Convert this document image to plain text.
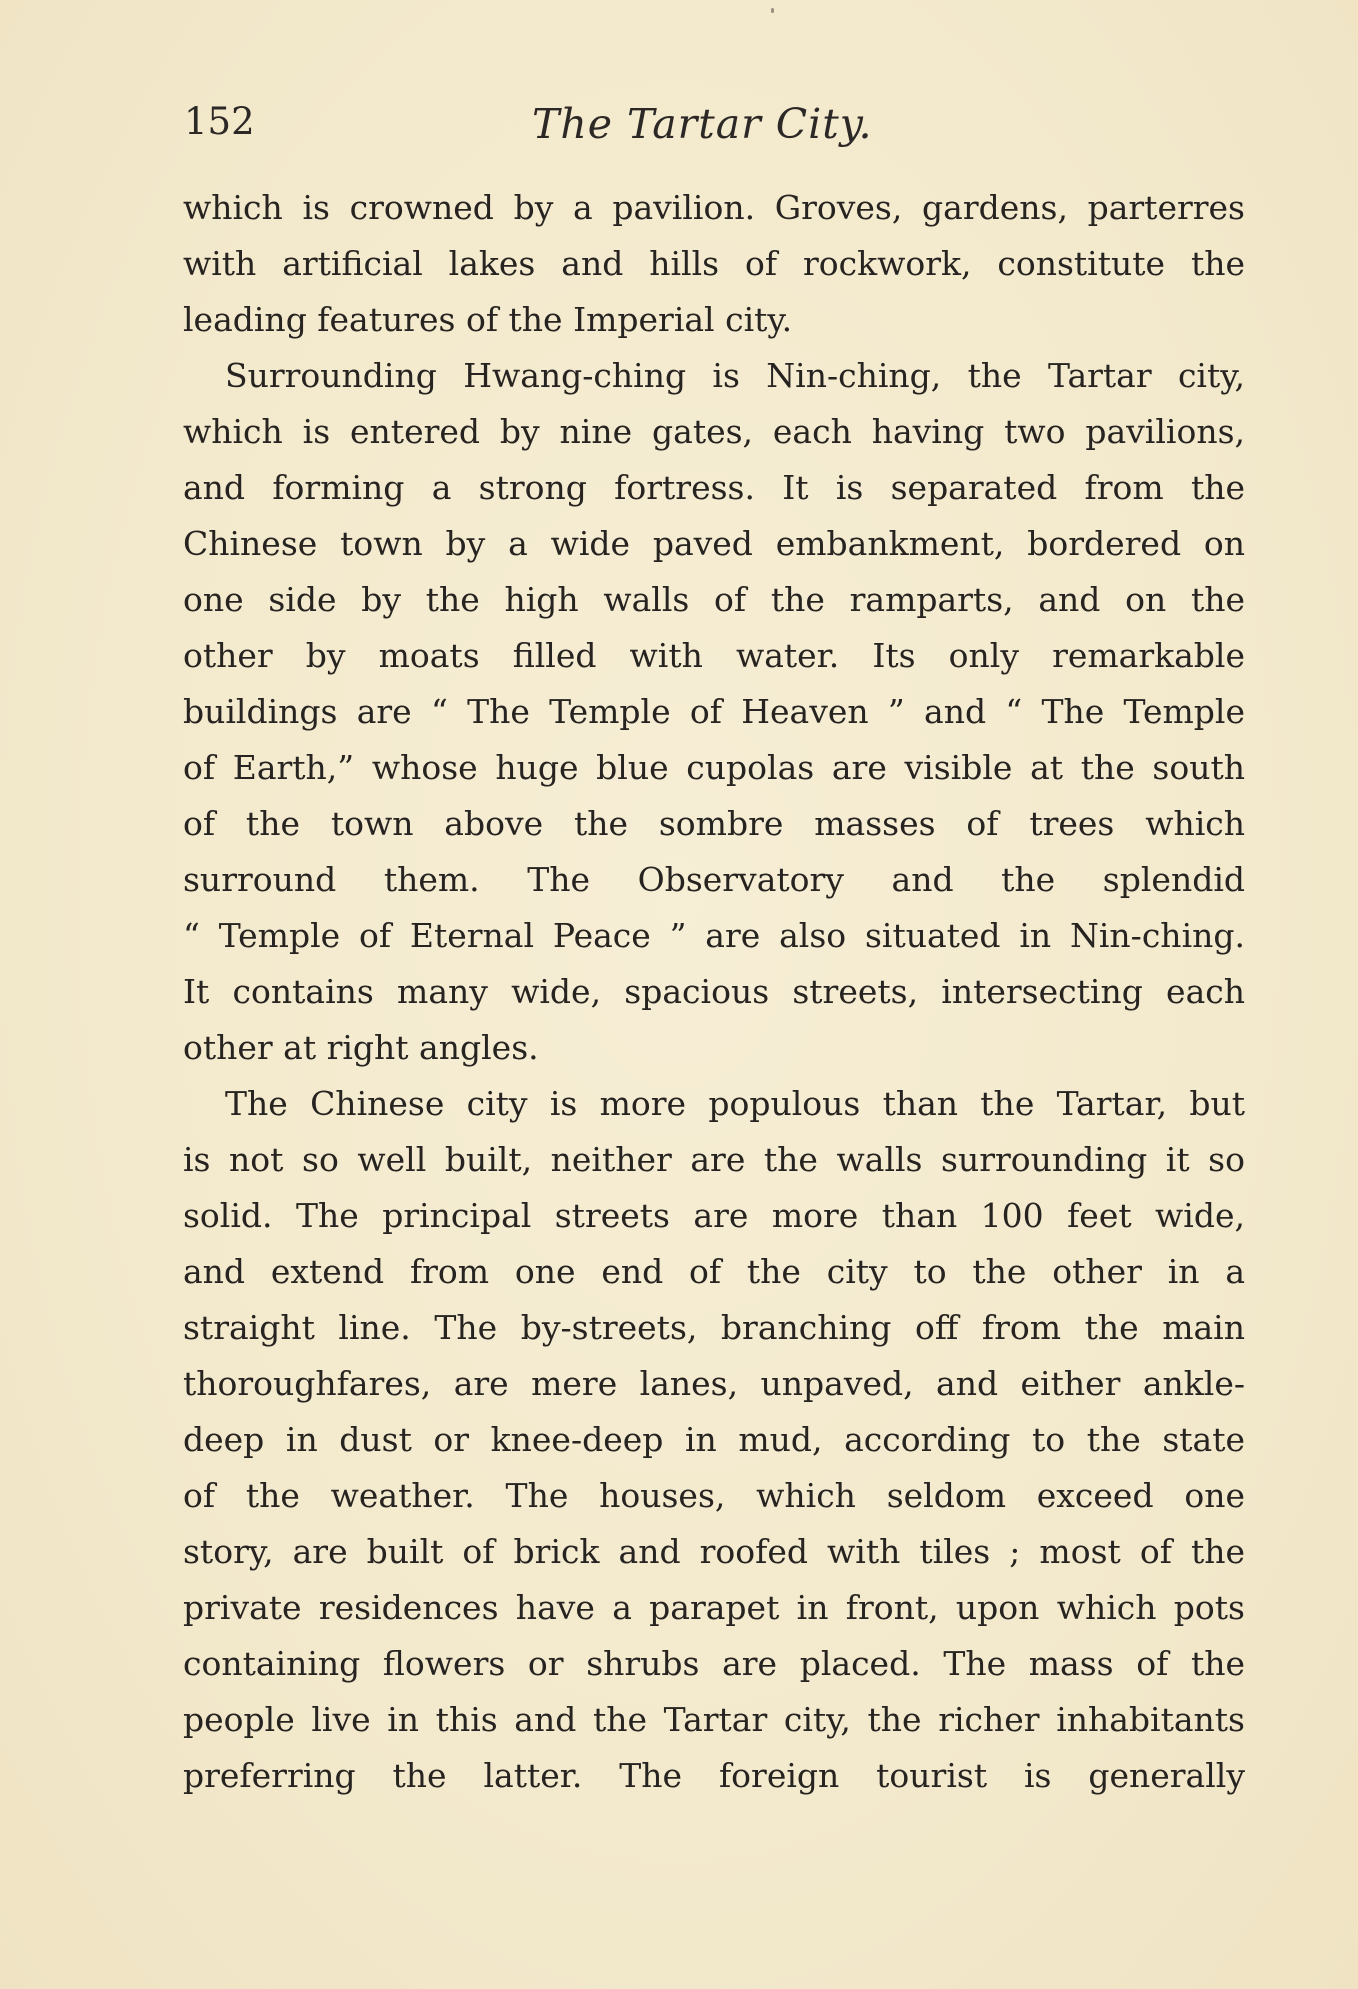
152	The Tartar City.
which is crowned by a pavilion. Groves, gardens, parterres
with artificial lakes and hills of rockwork, constitute the
leading features of the Imperial city.
Surrounding Hwang-ching is Nin-ching, the Tartar city,
which is entered by nine gates, each having two pavilions,
and forming a strong fortress. It is separated from the
Chinese town by a wide paved embankment, bordered on
one side by the high walls of the ramparts, and on the
other by moats filled with water. Its only remarkable
buildings are “ The Temple of Heaven ” and “ The Temple
of Earth,” whose huge blue cupolas are visible at the south
of the town above the sombre masses of trees which
surround them. The Observatory and the splendid
“ Temple of Eternal Peace ” are also situated in Nin-ching.
It contains many wide, spacious streets, intersecting each
other at right angles.
The Chinese city is more populous than the Tartar, but
is not so well built, neither are the walls surrounding it so
solid. The principal streets are more than 100 feet wide,
and extend from one end of the city to the other in a
straight line. The by-streets, branching off from the main
thoroughfares, are mere lanes, unpaved, and either ankle-
deep in dust or knee-deep in mud, according to the state
of the weather. The houses, which seldom exceed one
story, are built of brick and roofed with tiles ; most of the
private residences have a parapet in front, upon which pots
containing flowers or shrubs are placed. The mass of the
people live in this and the Tartar city, the richer inhabitants
preferring the latter. The foreign tourist is generally
